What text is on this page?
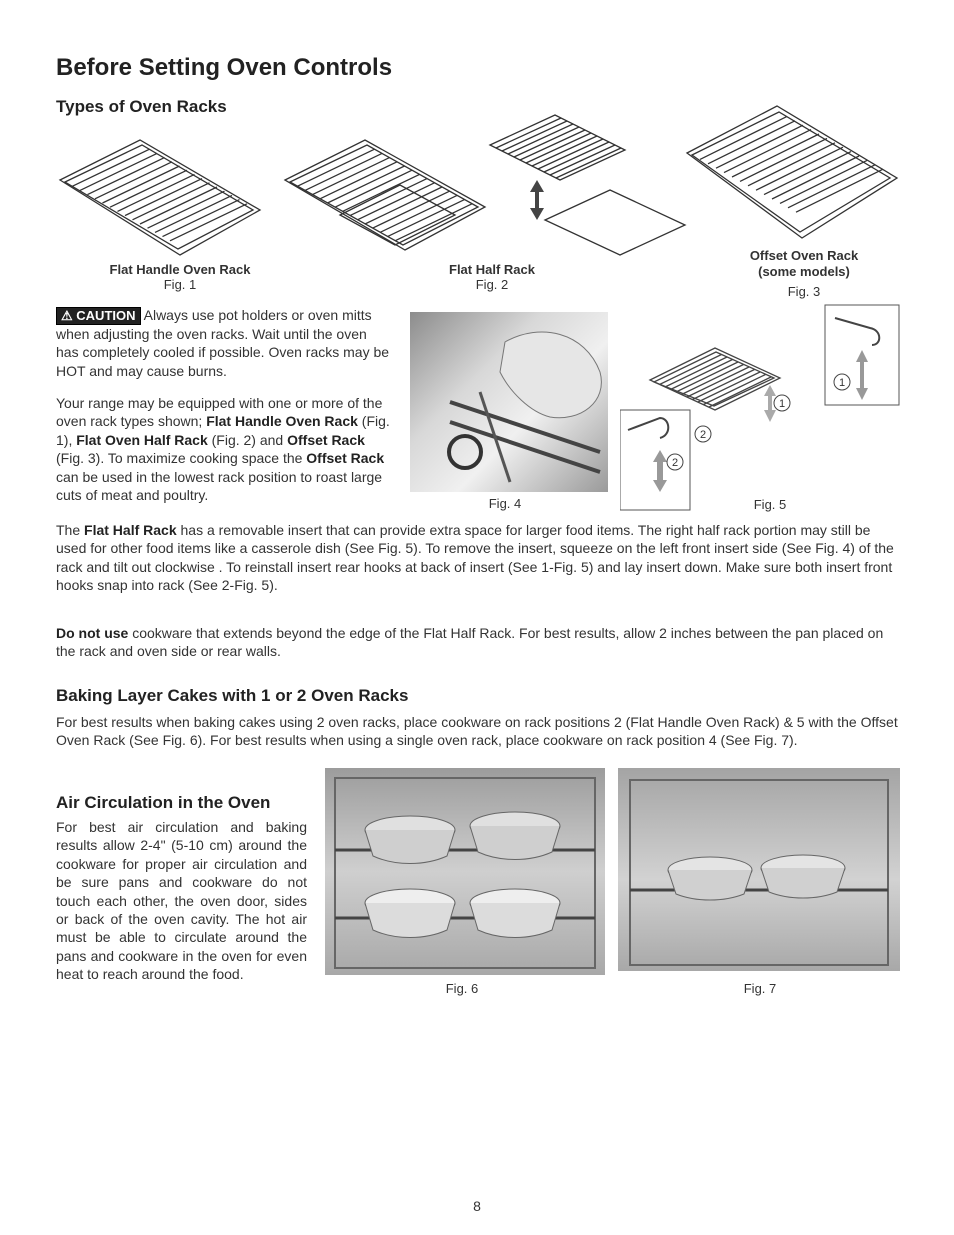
Before Setting Oven Controls
Types of Oven Racks
Flat Handle Oven Rack
Fig. 1
Flat Half Rack
Fig. 2
Offset Oven Rack
(some models)
Fig. 3

⚠ CAUTION Always use pot holders or oven mitts when adjusting the oven racks. Wait until the oven has completely cooled if possible. Oven racks may be HOT and may cause burns.

Your range may be equipped with one or more of the oven rack types shown; Flat Handle Oven Rack (Fig. 1), Flat Oven Half Rack (Fig. 2) and Offset Rack (Fig. 3). To maximize cooking space the Offset Rack can be used in the lowest rack position to roast large cuts of meat and poultry.

Fig. 4
1
1
2
2
Fig. 5

The Flat Half Rack has a removable insert that can provide extra space for larger food items. The right half rack portion may still be used for other food items like a casserole dish (See Fig. 5). To remove the insert, squeeze on the left front insert side (See Fig. 4) of the rack and tilt out clockwise . To reinstall insert rear hooks at back of insert (See 1-Fig. 5) and lay insert down. Make sure both insert front hooks snap into rack (See 2-Fig. 5).

Do not use cookware that extends beyond the edge of the Flat Half Rack. For best results, allow 2 inches between the pan placed on the rack and oven side or rear walls.

Baking Layer Cakes with 1 or 2 Oven Racks

For best results when baking cakes using 2 oven racks, place cookware on rack positions 2 (Flat Handle Oven Rack) & 5 with the Offset Oven Rack (See Fig. 6). For best results when using a single oven rack, place cookware on rack position 4 (See Fig. 7).

Air Circulation in the Oven

For best air circulation and baking results allow 2-4" (5-10 cm) around the cookware for proper air circulation and be sure pans and cookware do not touch each other, the oven door, sides or back of the oven cavity. The hot air must be able to circulate around the pans and cookware in the oven for even heat to reach around the food.

Fig. 6	Fig. 7
8
